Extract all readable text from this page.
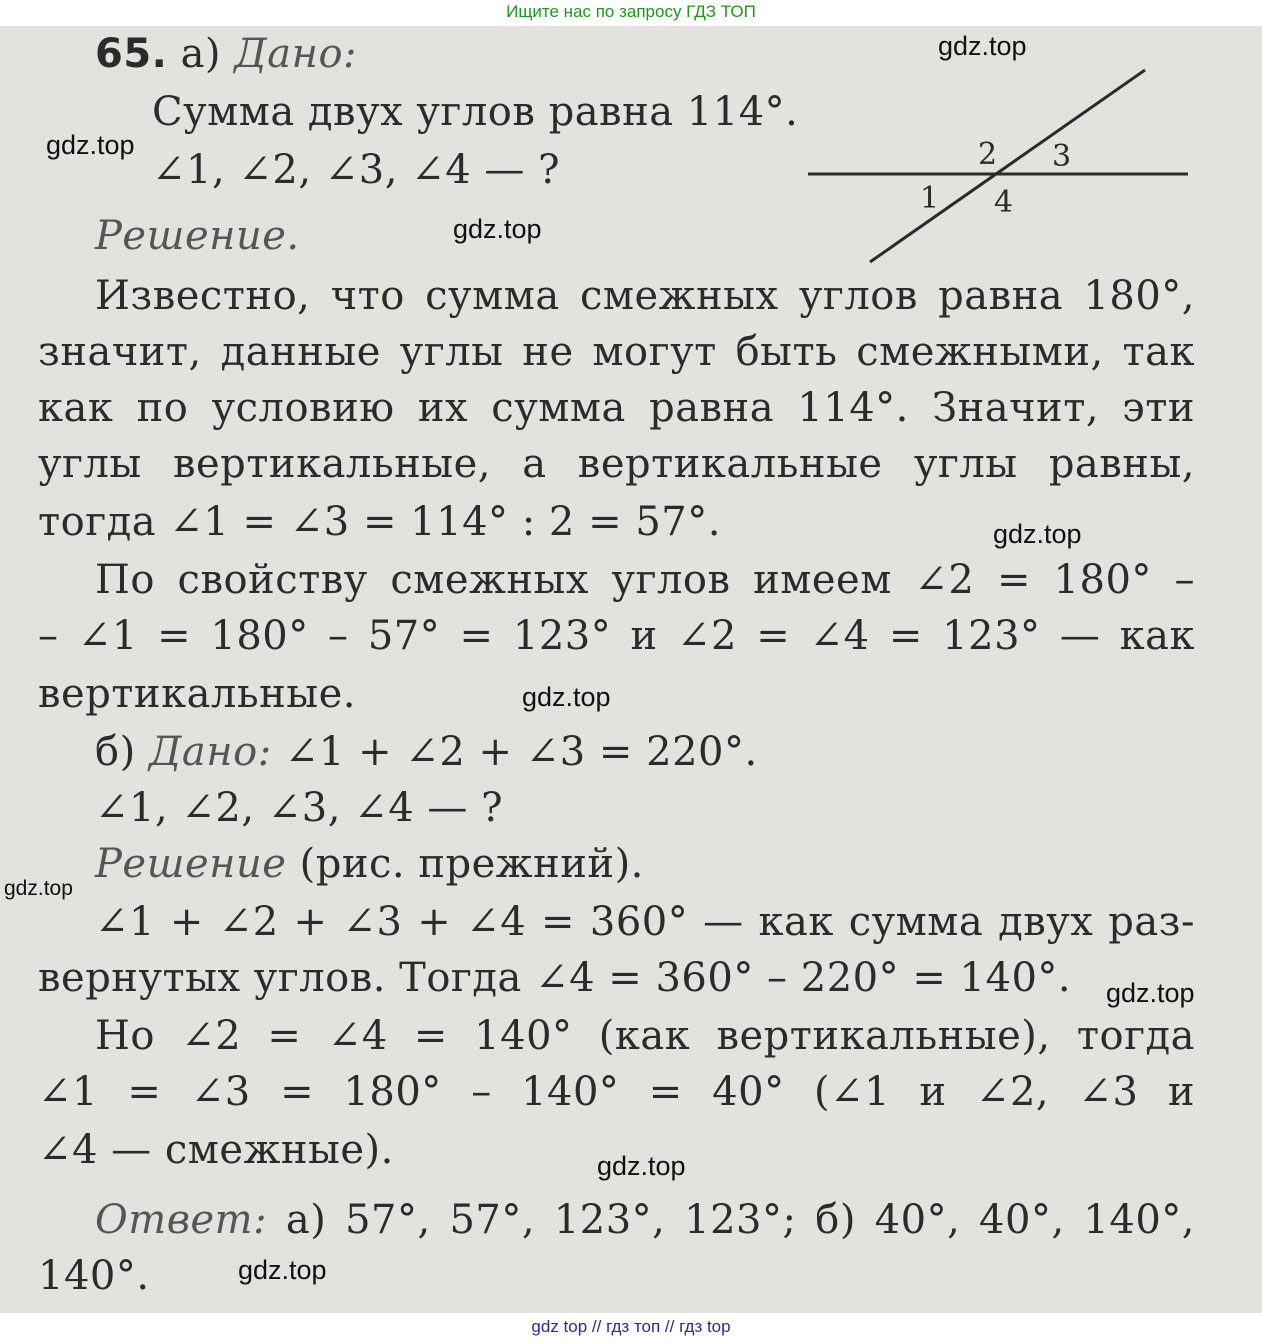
Ищите нас по запросу ГДЗ ТОП
1
2 3
4
65. а) Дано:
Сумма двух углов равна 114°.
∠1, ∠2, ∠3, ∠4 — ?
Решение.
Известно, что сумма смежных углов равна 180°,
значит, данные углы не могут быть смежными, так
как по условию их сумма равна 114°. Значит, эти
углы вертикальные, а вертикальные углы равны,
тогда ∠1 = ∠3 = 114° : 2 = 57°.
По свойству смежных углов имеем ∠2 = 180° –
– ∠1 = 180° – 57° = 123° и ∠2 = ∠4 = 123° — как
вертикальные.
б) Дано: ∠1 + ∠2 + ∠3 = 220°.
∠1, ∠2, ∠3, ∠4 — ?
Решение (рис. прежний).
∠1 + ∠2 + ∠3 + ∠4 = 360° — как сумма двух раз-
вернутых углов. Тогда ∠4 = 360° – 220° = 140°.
Но ∠2 = ∠4 = 140° (как вертикальные), тогда
∠1 = ∠3 = 180° – 140° = 40° (∠1 и ∠2, ∠3 и
∠4 — смежные).
Ответ: а) 57°, 57°, 123°, 123°; б) 40°, 40°, 140°,
140°.
gdz.top
gdz.top
gdz.top
gdz.top
gdz.top
gdz.top
gdz.top
gdz.top
gdz.top
gdz top // гдз топ // гдз top
